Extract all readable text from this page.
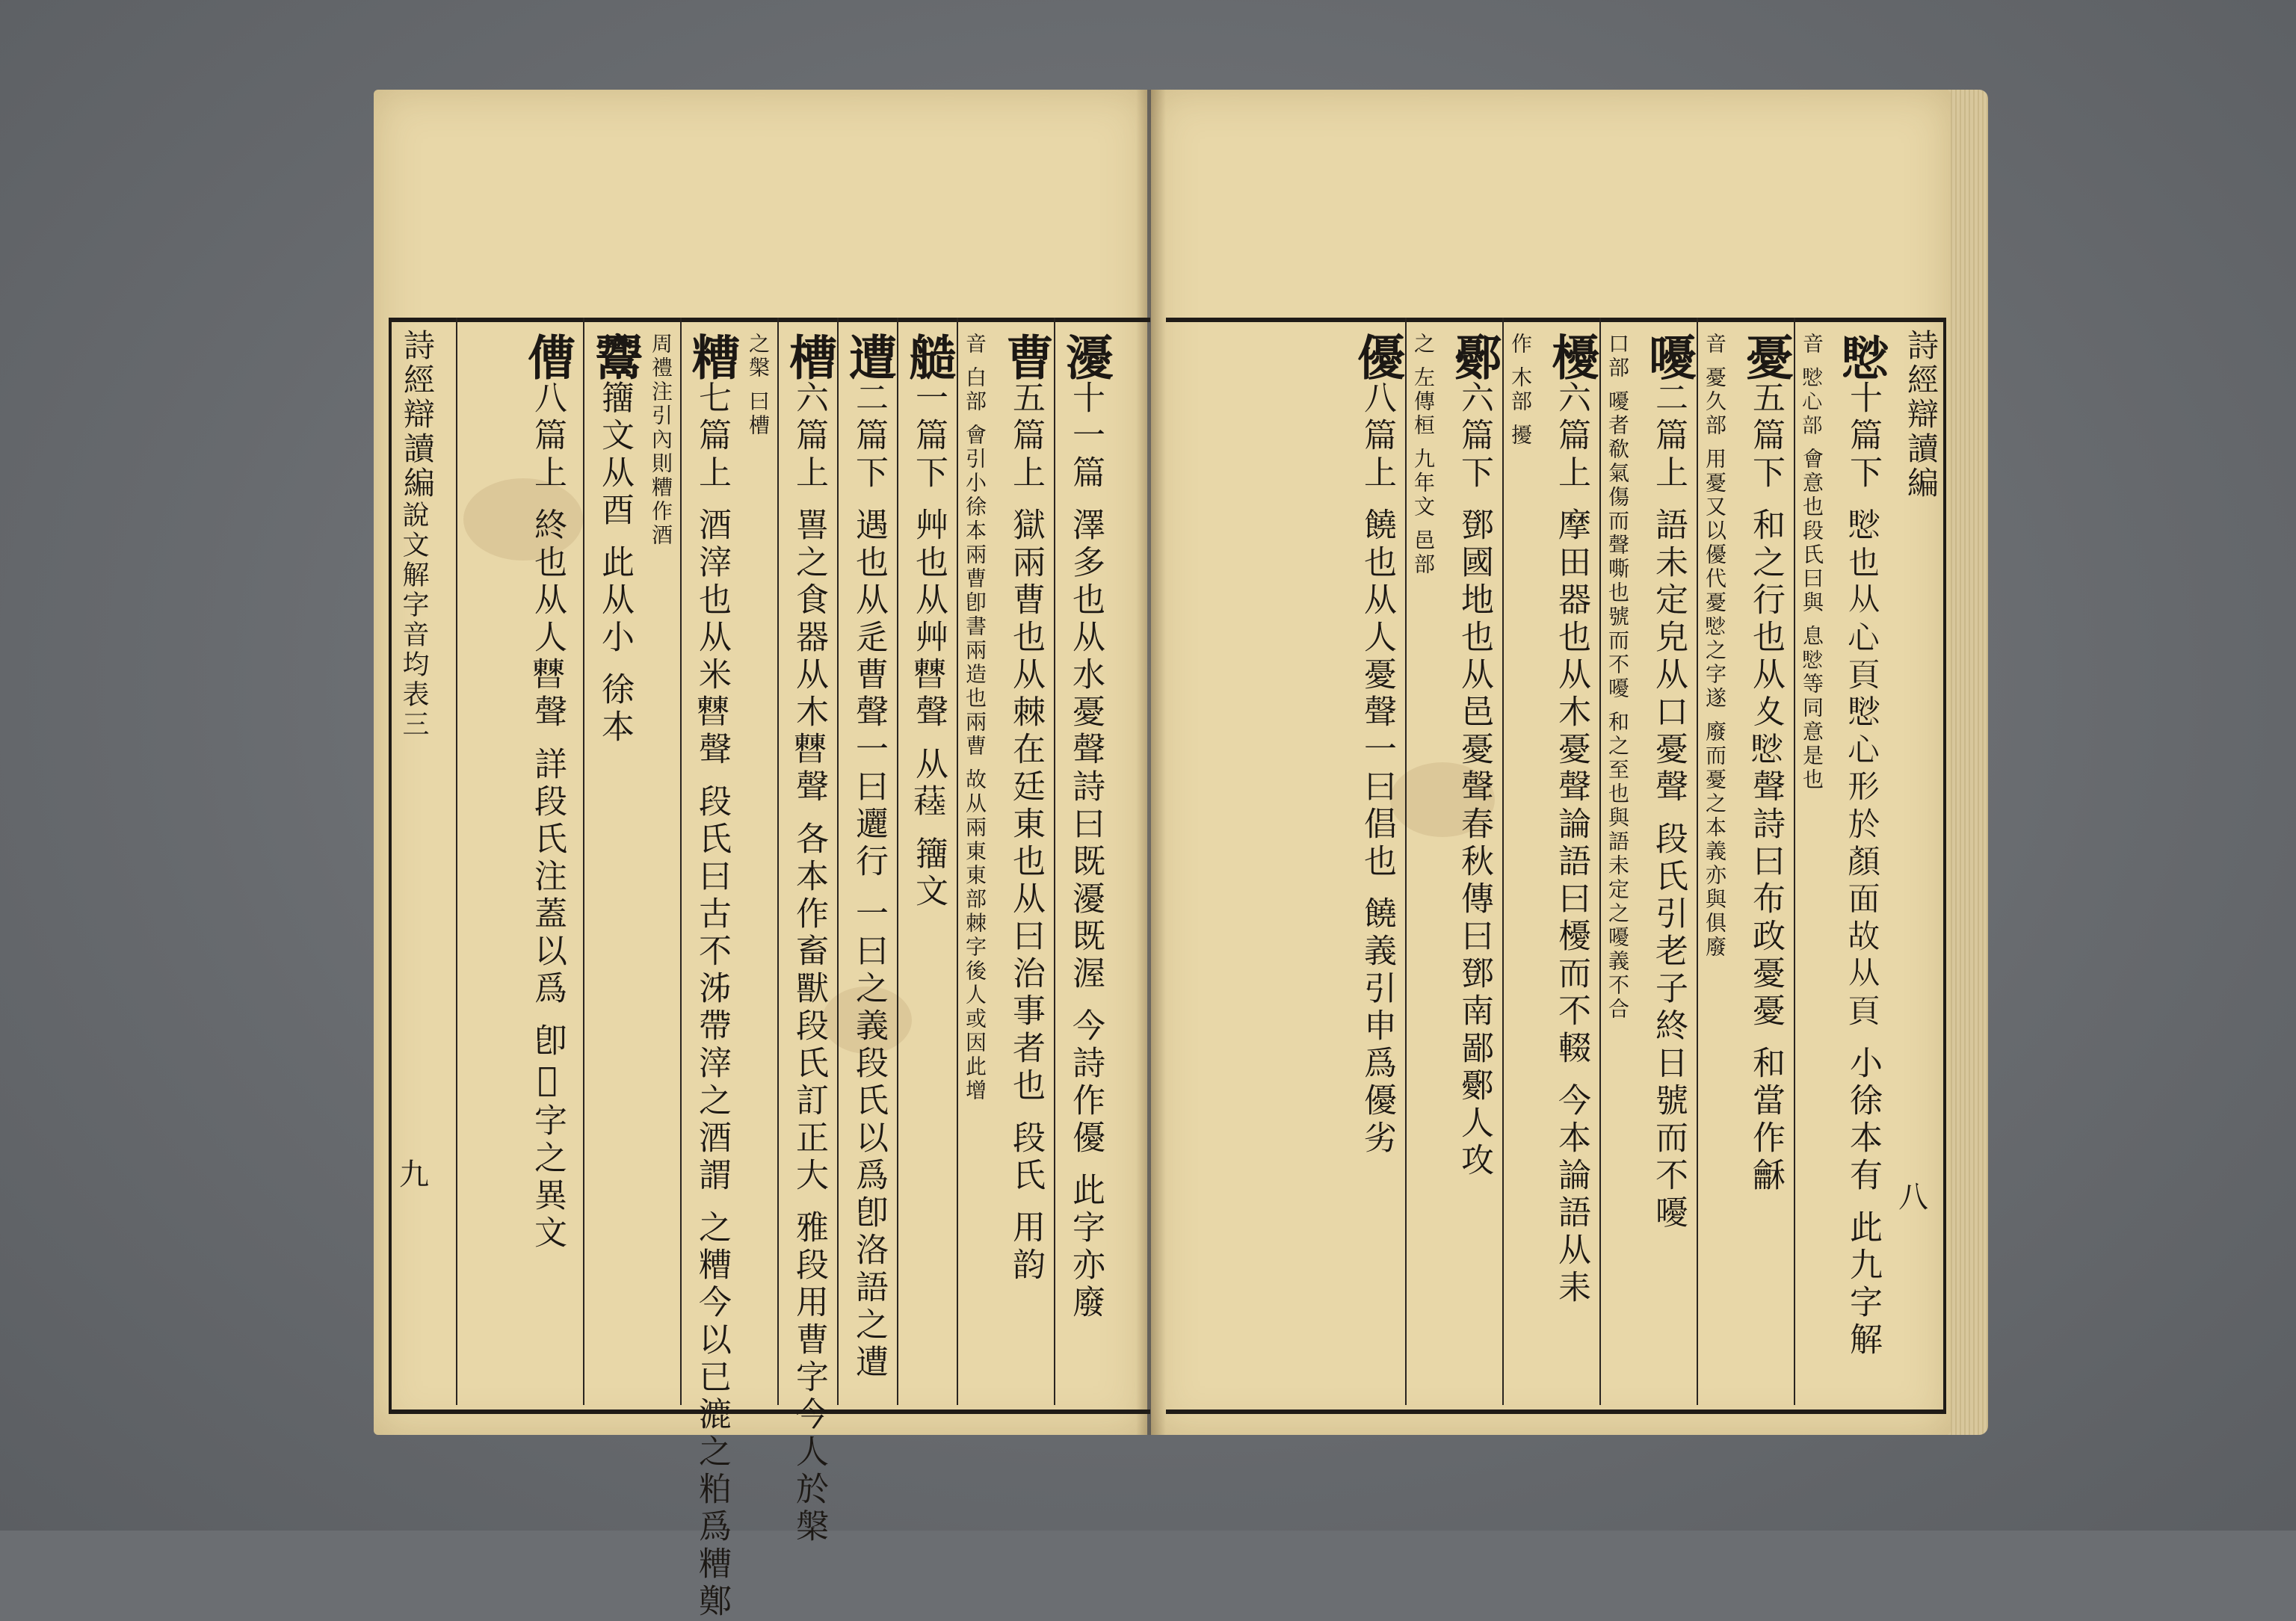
詩經辯讀編
八
詩經辯讀編
說文解字音均表三
九
𢡸十篇下 𢡸也从心頁𢡸心形於顏面故从頁 小徐本有 此九字解
音 𢡸心部 會意也段氏曰與 息𢡸等同意是也
憂五篇下 和之行也从夊𢡸聲詩曰布政憂憂 和當作龢
音 憂久部 用憂又以優代憂𢡸之字遂 廢而憂之本義亦與俱廢
嚘二篇上 語未定皃从口憂聲 段氏引老子終日號而不嚘
口部 嚘者欷氣傷而聲嘶也號而不嚘 和之至也與語未定之嚘義不合
櫌六篇上 摩田器也从木憂聲論語曰櫌而不輟 今本論語从耒
作 木部 擾
鄾六篇下 鄧國地也从邑憂聲春秋傳曰鄧南鄙鄾人攻
之 左傳桓 九年文 邑部
優八篇上 饒也从人憂聲一曰倡也 饒義引申爲優劣
瀀十一篇 澤多也从水憂聲詩曰既瀀既渥 今詩作優 此字亦廢
曹五篇上 獄兩曹也从棘在廷東也从曰治事者也 段氏 用韵
音 白部 會引小徐本兩曹卽書兩造也兩曹 故从兩東東部棘字後人或因此增
䒃一篇下 艸也从艸𣍘聲 从𦽂 籒文
遭二篇下 遇也从辵曹聲一曰邐行 一曰之義段氏以爲卽洛語之遭
槽六篇上 嘼之食器从木𣍘聲 各本作畜獸段氏訂正大 雅段用曹字今人於槃
之槃 曰槽
糟七篇上 酒滓也从米𣍘聲 段氏曰古不泲帶滓之酒謂 之糟今以已漉之粕爲糟鄭
周禮注引內則糟作酒
𩱳籒文从酉 此从小 徐本
傮八篇上 終也从人𣍘聲 詳段氏注蓋以爲 卽𡪇字之異文
